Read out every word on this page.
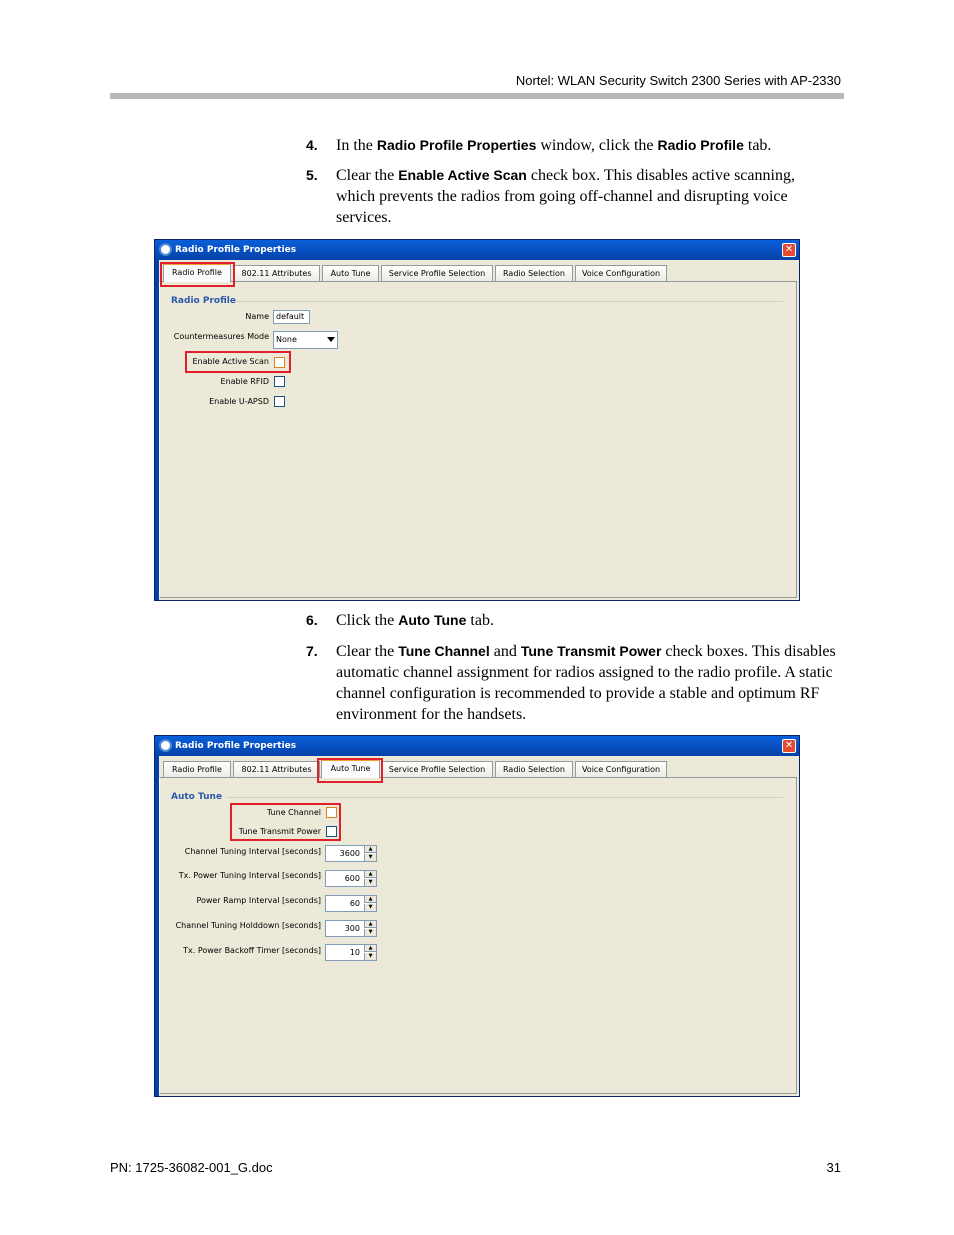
Nortel: WLAN Security Switch 2300 Series with AP-2330
4. In the Radio Profile Properties window, click the Radio Profile tab.
5. Clear the Enable Active Scan check box. This disables active scanning, which prevents the radios from going off-channel and disrupting voice services.
Radio Profile Properties	✕
Radio Profile	802.11 Attributes	Auto Tune	Service Profile Selection	Radio Selection	Voice Configuration
Radio Profile
Name default
Countermeasures Mode None
Enable Active Scan
Enable RFID
Enable U-APSD
6. Click the Auto Tune tab.
7. Clear the Tune Channel and Tune Transmit Power check boxes. This disables automatic channel assignment for radios assigned to the radio profile. A static channel configuration is recommended to provide a stable and optimum RF environment for the handsets.
Radio Profile Properties	✕
Radio Profile	802.11 Attributes	Auto Tune	Service Profile Selection	Radio Selection	Voice Configuration
Auto Tune
Tune Channel
Tune Transmit Power
Channel Tuning Interval [seconds]	3600	▲
▼
Tx. Power Tuning Interval [seconds]	600	▲
▼
Power Ramp Interval [seconds]	60	▲
▼
Channel Tuning Holddown [seconds]	300	▲
▼
Tx. Power Backoff Timer [seconds]	10	▲
▼
PN: 1725-36082-001_G.doc	31
